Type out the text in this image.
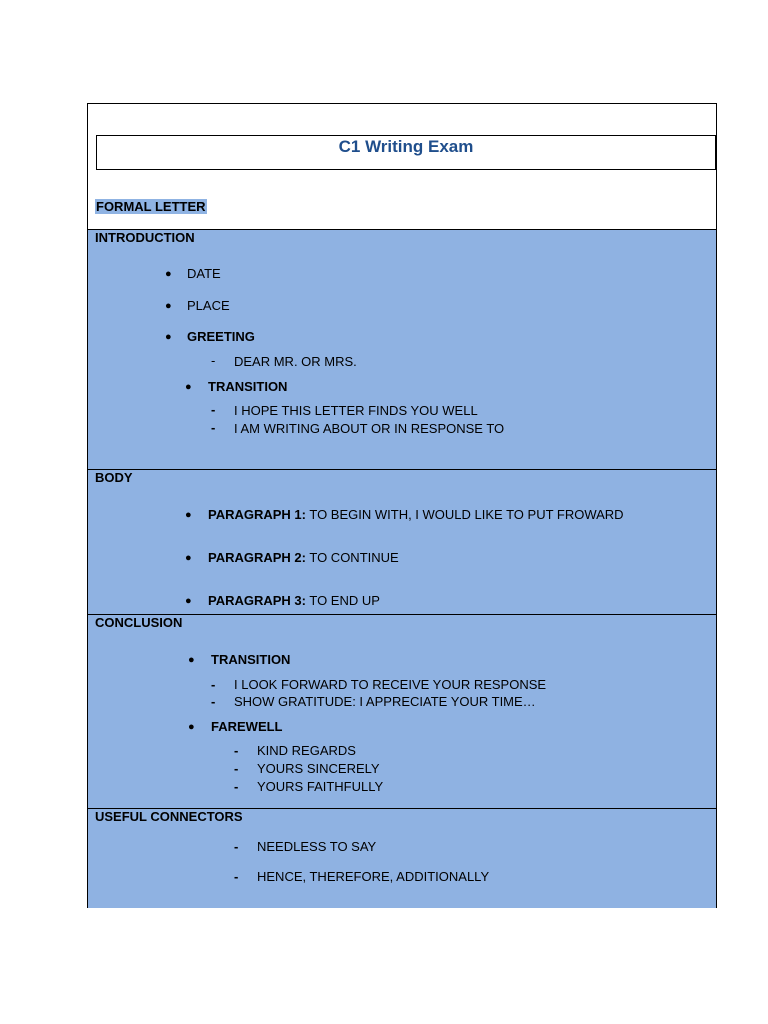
C1 Writing Exam
FORMAL LETTER
INTRODUCTION
● DATE
● PLACE
● GREETING
- DEAR MR. OR MRS.
● TRANSITION
- I HOPE THIS LETTER FINDS YOU WELL
- I AM WRITING ABOUT OR IN RESPONSE TO
BODY
● PARAGRAPH 1: TO BEGIN WITH, I WOULD LIKE TO PUT FROWARD
● PARAGRAPH 2: TO CONTINUE
● PARAGRAPH 3: TO END UP
CONCLUSION
● TRANSITION
- I LOOK FORWARD TO RECEIVE YOUR RESPONSE
- SHOW GRATITUDE: I APPRECIATE YOUR TIME…
● FAREWELL
- KIND REGARDS
- YOURS SINCERELY
- YOURS FAITHFULLY
USEFUL CONNECTORS
- NEEDLESS TO SAY
- HENCE, THEREFORE, ADDITIONALLY
